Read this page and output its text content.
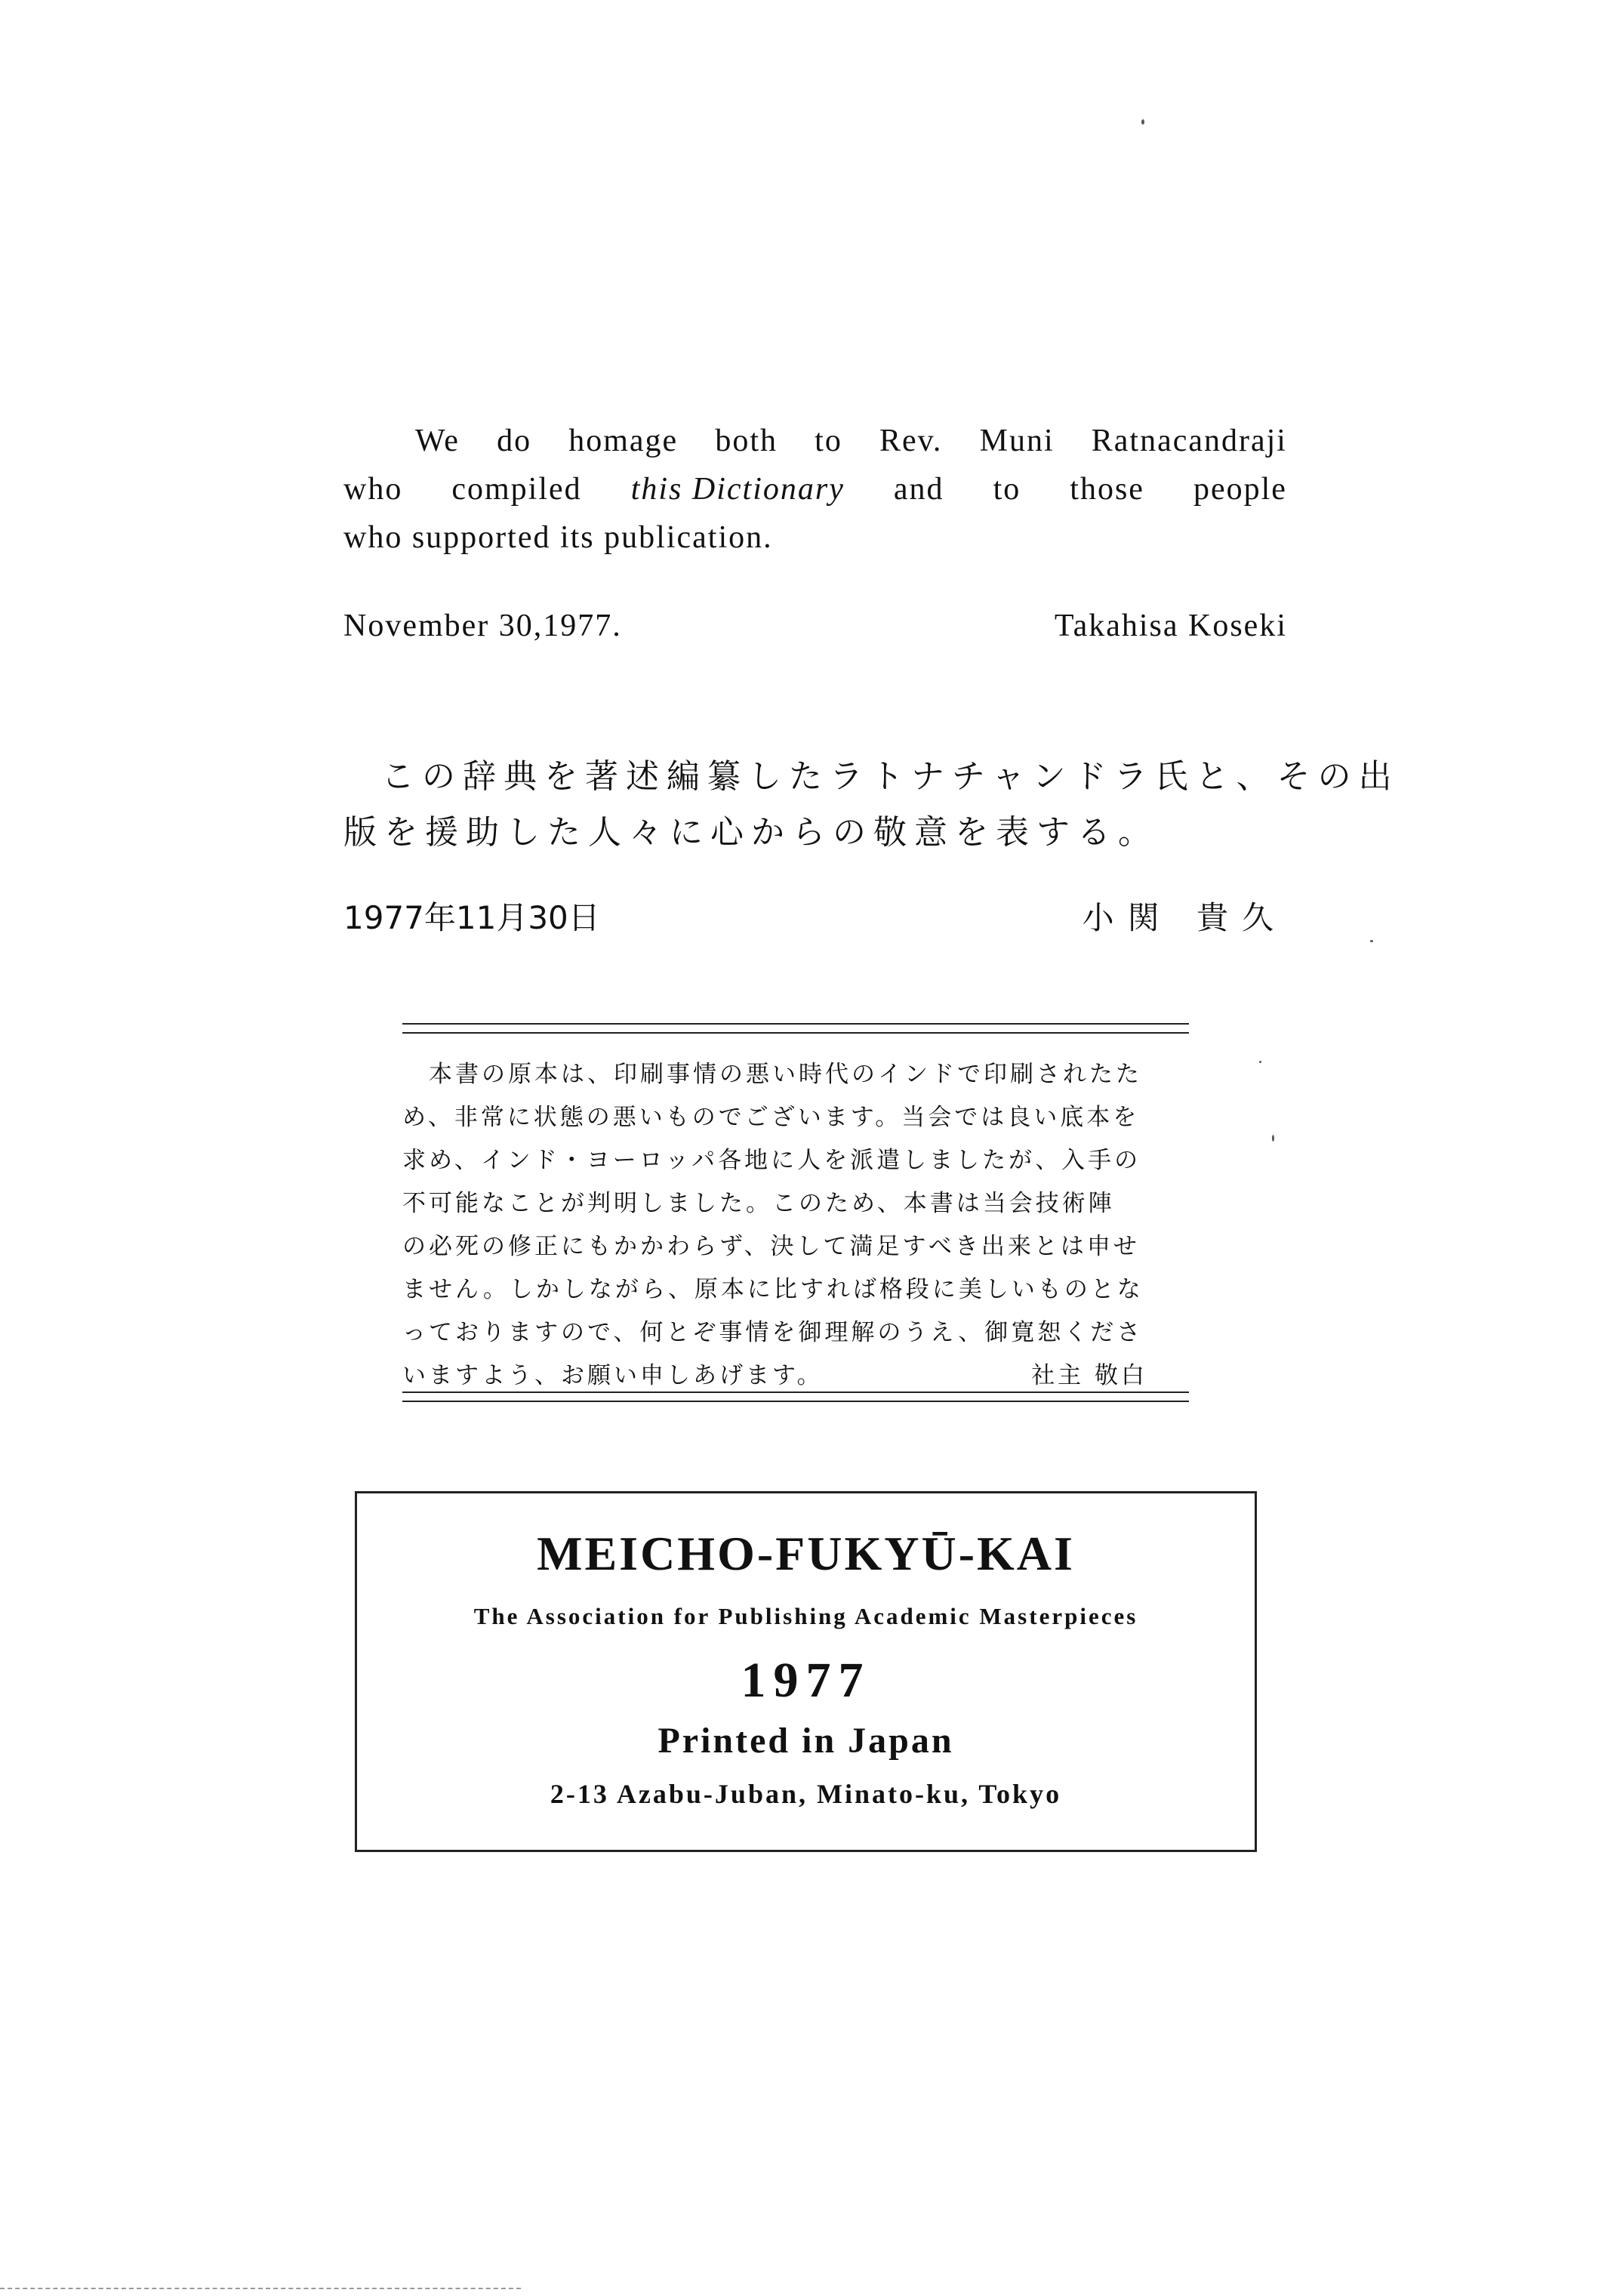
We do homage both to Rev. Muni Ratnacandraji
who compiled this Dictionary and to those people
who supported its publication.
November 30,1977.	Takahisa Koseki
この辞典を著述編纂したラトナチャンドラ氏と、その出
版を援助した人々に心からの敬意を表する。
1977年11月30日	小関 貴久
本書の原本は、印刷事情の悪い時代のインドで印刷されたた
め、非常に状態の悪いものでございます。当会では良い底本を
求め、インド・ヨーロッパ各地に人を派遣しましたが、入手の
不可能なことが判明しました。このため、本書は当会技術陣
の必死の修正にもかかわらず、決して満足すべき出来とは申せ
ません。しかしながら、原本に比すれば格段に美しいものとな
っておりますので、何とぞ事情を御理解のうえ、御寛恕くださ
いますよう、お願い申しあげます。	社主 敬白
MEICHO-FUKYŪ-KAI
The Association for Publishing Academic Masterpieces
1977
Printed in Japan
2-13 Azabu-Juban, Minato-ku, Tokyo
